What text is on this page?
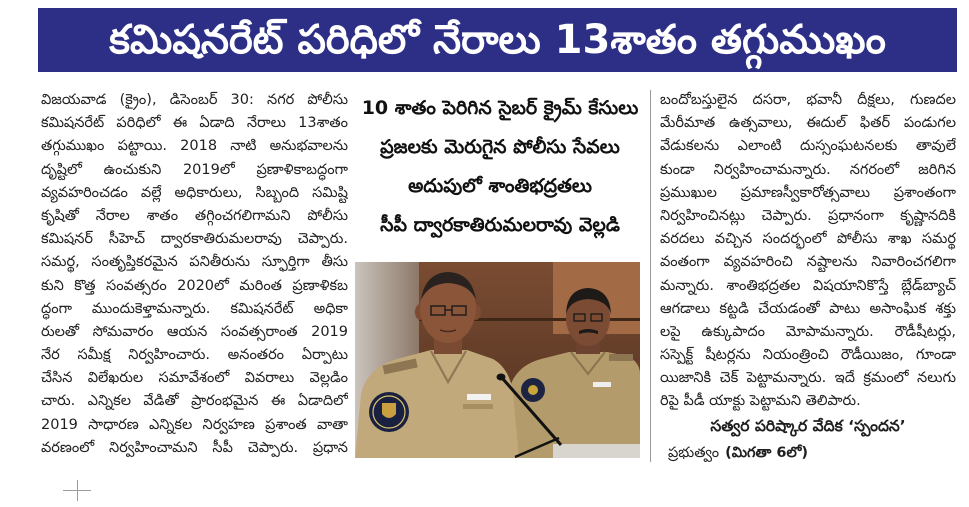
కమిషనరేట్ పరిధిలో నేరాలు 13శాతం తగ్గుముఖం
విజయవాడ (క్రైం), డిసెంబర్ 30: నగర పోలీసు
కమిషనరేట్ పరిధిలో ఈ ఏడాది నేరాలు 13శాతం
తగ్గుముఖం పట్టాయి. 2018 నాటి అనుభవాలను
దృష్టిలో ఉంచుకుని 2019లో ప్రణాళికాబద్ధంగా
వ్యవహరించడం వల్లే అధికారులు, సిబ్బంది సమిష్టి
కృషితో నేరాల శాతం తగ్గించగలిగామని పోలీసు
కమిషనర్ సీహెచ్ ద్వారకాతిరుమలరావు చెప్పారు.
సమర్థ, సంతృప్తికరమైన పనితీరును స్ఫూర్తిగా తీసు
కుని కొత్త సంవత్సరం 2020లో మరింత ప్రణాళికబ
ద్ధంగా ముందుకెళ్తామన్నారు. కమిషనరేట్ అధికా
రులతో సోమవారం ఆయన సంవత్సరాంత 2019
నేర సమీక్ష నిర్వహించారు. అనంతరం ఏర్పాటు
చేసిన విలేఖరుల సమావేశంలో వివరాలు వెల్లడిం
చారు. ఎన్నికల వేడితో ప్రారంభమైన ఈ ఏడాదిలో
2019 సాధారణ ఎన్నికల నిర్వహణ ప్రశాంత వాతా
వరణంలో నిర్వహించామని సీపీ చెప్పారు. ప్రధాన
10 శాతం పెరిగిన సైబర్ క్రైమ్ కేసులు
ప్రజలకు మెరుగైన పోలీసు సేవలు
అదుపులో శాంతిభద్రతలు
సీపీ ద్వారకాతిరుమలరావు వెల్లడి
బందోబస్తులైన దసరా, భవానీ దీక్షలు, గుణదల
మేరీమాత ఉత్సవాలు, ఈదుల్ ఫితర్ పండుగల
వేడుకలను ఎలాంటి దుస్సంఘటనలకు తావులే
కుండా నిర్వహించామన్నారు. నగరంలో జరిగిన
ప్రముఖుల ప్రమాణస్వీకారోత్సవాలు ప్రశాంతంగా
నిర్వహించినట్లు చెప్పారు. ప్రధానంగా కృష్ణానదికి
వరదలు వచ్చిన సందర్భంలో పోలీసు శాఖ సమర్థ
వంతంగా వ్యవహరించి నష్టాలను నివారించగలిగా
మన్నారు. శాంతిభద్రతల విషయానికొస్తే బ్లేడ్‌బ్యాచ్
ఆగడాలు కట్టడి చేయడంతో పాటు అసాంఘిక శక్తు
లపై ఉక్కుపాదం మోపామన్నారు. రౌడీషీటర్లు,
సస్పెక్ట్ షీటర్లను నియంత్రించి రౌడీయిజం, గూండా
యిజానికి చెక్ పెట్టామన్నారు. ఇదే క్రమంలో నలుగు
రిపై పీడీ యాక్టు పెట్టామని తెలిపారు.
సత్వర పరిష్కార వేదిక ‘స్పందన’
ప్రభుత్వం (మిగతా 6లో)
